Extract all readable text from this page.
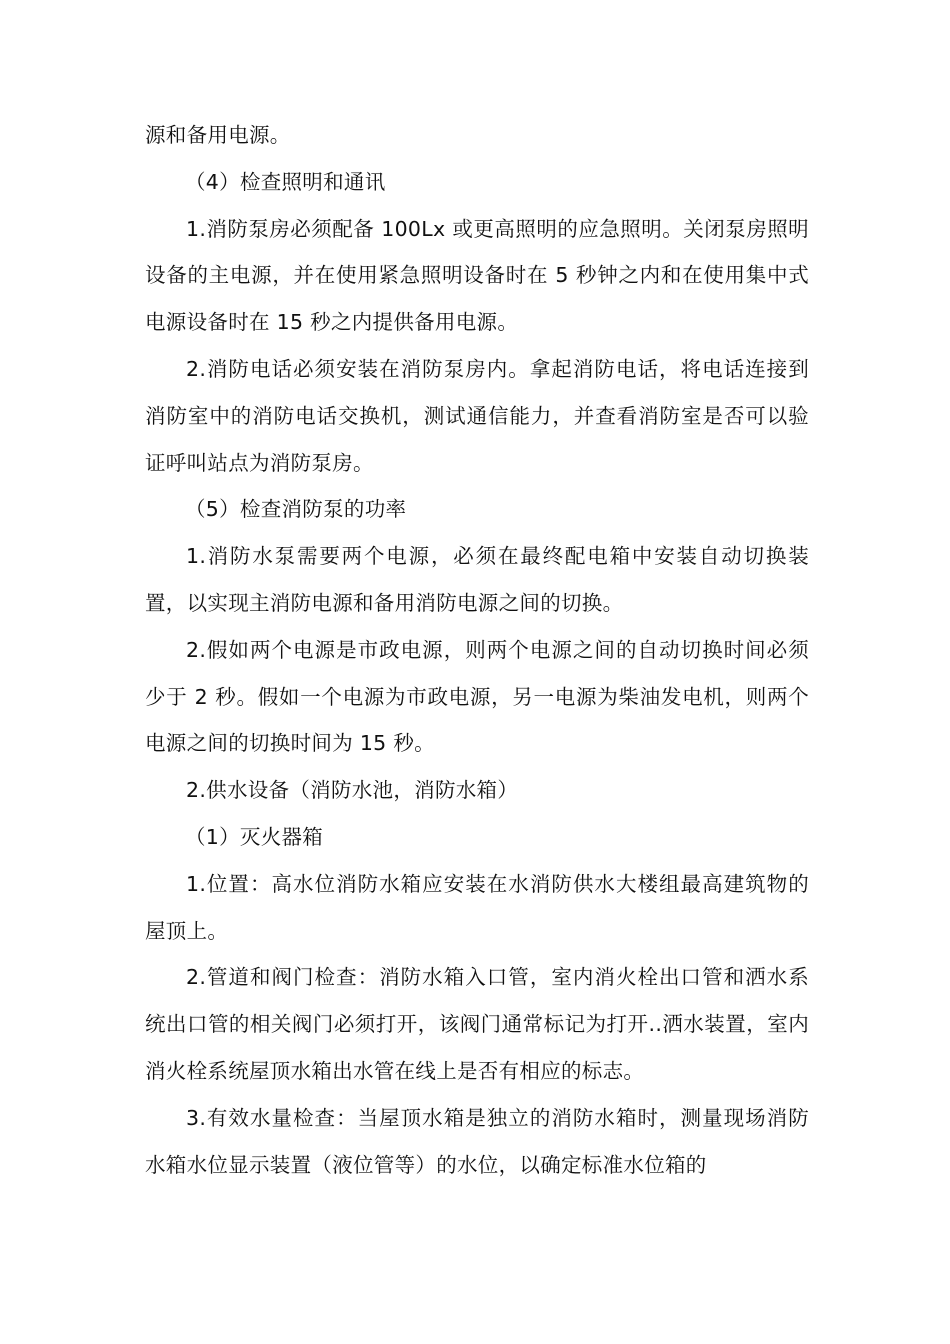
源和备用电源。

（4）检查照明和通讯

1.消防泵房必须配备 100Lx 或更高照明的应急照明。关闭泵房照明设备的主电源，并在使用紧急照明设备时在 5 秒钟之内和在使用集中式电源设备时在 15 秒之内提供备用电源。

2.消防电话必须安装在消防泵房内。拿起消防电话，将电话连接到消防室中的消防电话交换机，测试通信能力，并查看消防室是否可以验证呼叫站点为消防泵房。

（5）检查消防泵的功率

1.消防水泵需要两个电源，必须在最终配电箱中安装自动切换装置，以实现主消防电源和备用消防电源之间的切换。

2.假如两个电源是市政电源，则两个电源之间的自动切换时间必须少于 2 秒。假如一个电源为市政电源，另一电源为柴油发电机，则两个电源之间的切换时间为 15 秒。

2.供水设备（消防水池，消防水箱）

（1）灭火器箱

1.位置：高水位消防水箱应安装在水消防供水大楼组最高建筑物的屋顶上。

2.管道和阀门检查：消防水箱入口管，室内消火栓出口管和洒水系统出口管的相关阀门必须打开，该阀门通常标记为打开..洒水装置，室内消火栓系统屋顶水箱出水管在线上是否有相应的标志。

3.有效水量检查：当屋顶水箱是独立的消防水箱时，测量现场消防水箱水位显示装置（液位管等）的水位，以确定标准水位箱的
